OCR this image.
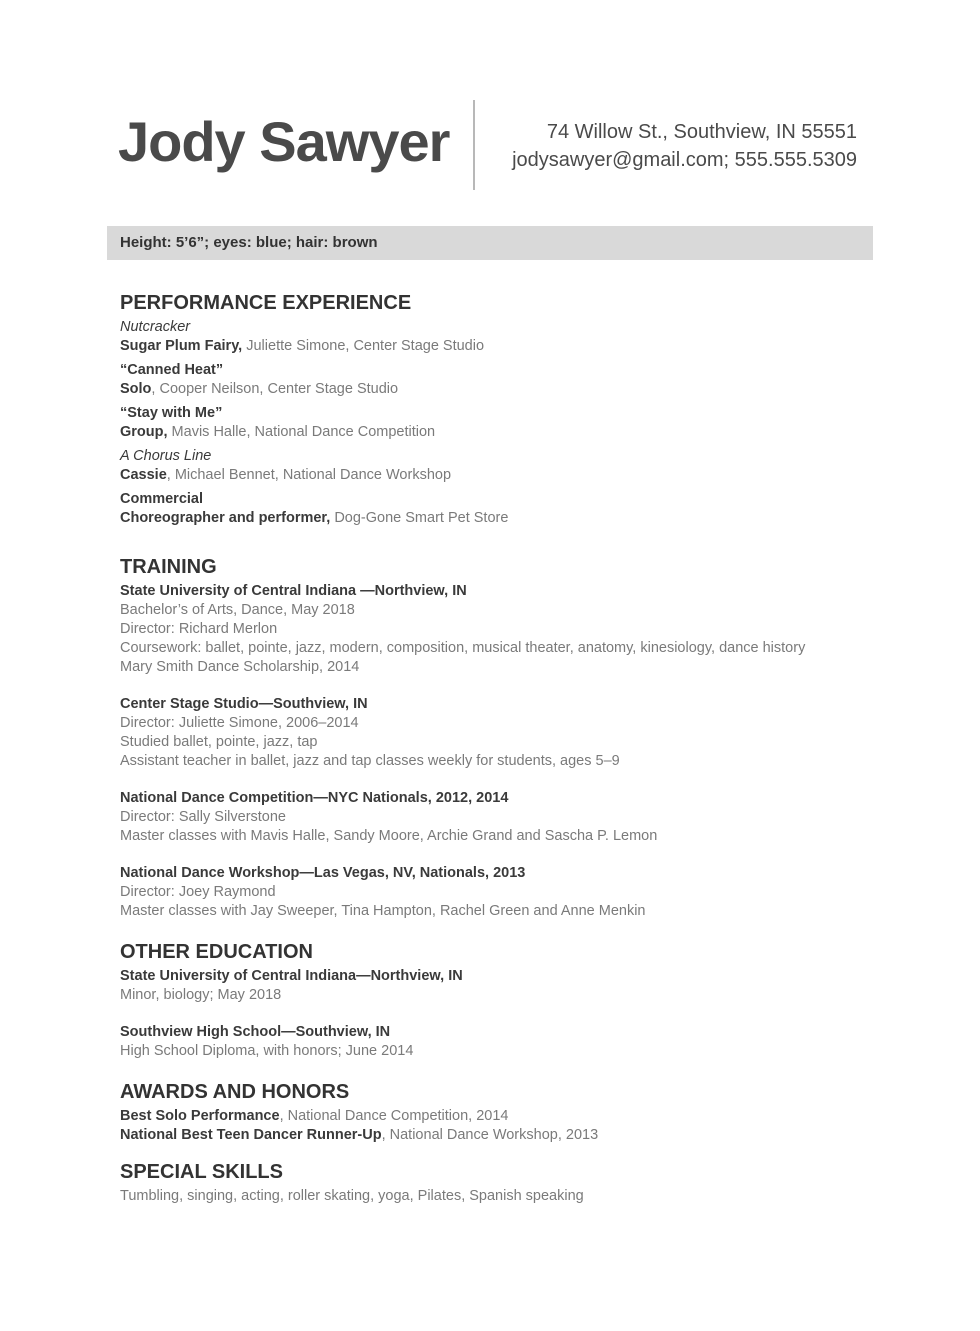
Jody Sawyer	74 Willow St., Southview, IN 55551
jodysawyer@gmail.com; 555.555.5309
Height: 5’6”; eyes: blue; hair: brown
PERFORMANCE EXPERIENCE
Nutcracker
Sugar Plum Fairy, Juliette Simone, Center Stage Studio
“Canned Heat”
Solo, Cooper Neilson, Center Stage Studio
“Stay with Me”
Group, Mavis Halle, National Dance Competition
A Chorus Line
Cassie, Michael Bennet, National Dance Workshop
Commercial
Choreographer and performer, Dog-Gone Smart Pet Store
TRAINING
State University of Central Indiana —Northview, IN
Bachelor’s of Arts, Dance, May 2018
Director: Richard Merlon
Coursework: ballet, pointe, jazz, modern, composition, musical theater, anatomy, kinesiology, dance history
Mary Smith Dance Scholarship, 2014
Center Stage Studio—Southview, IN
Director: Juliette Simone, 2006–2014
Studied ballet, pointe, jazz, tap
Assistant teacher in ballet, jazz and tap classes weekly for students, ages 5–9
National Dance Competition—NYC Nationals, 2012, 2014
Director: Sally Silverstone
Master classes with Mavis Halle, Sandy Moore, Archie Grand and Sascha P. Lemon
National Dance Workshop—Las Vegas, NV, Nationals, 2013
Director: Joey Raymond
Master classes with Jay Sweeper, Tina Hampton, Rachel Green and Anne Menkin
OTHER EDUCATION
State University of Central Indiana—Northview, IN
Minor, biology; May 2018
Southview High School—Southview, IN
High School Diploma, with honors; June 2014
AWARDS AND HONORS
Best Solo Performance, National Dance Competition, 2014
National Best Teen Dancer Runner-Up, National Dance Workshop, 2013
SPECIAL SKILLS
Tumbling, singing, acting, roller skating, yoga, Pilates, Spanish speaking
